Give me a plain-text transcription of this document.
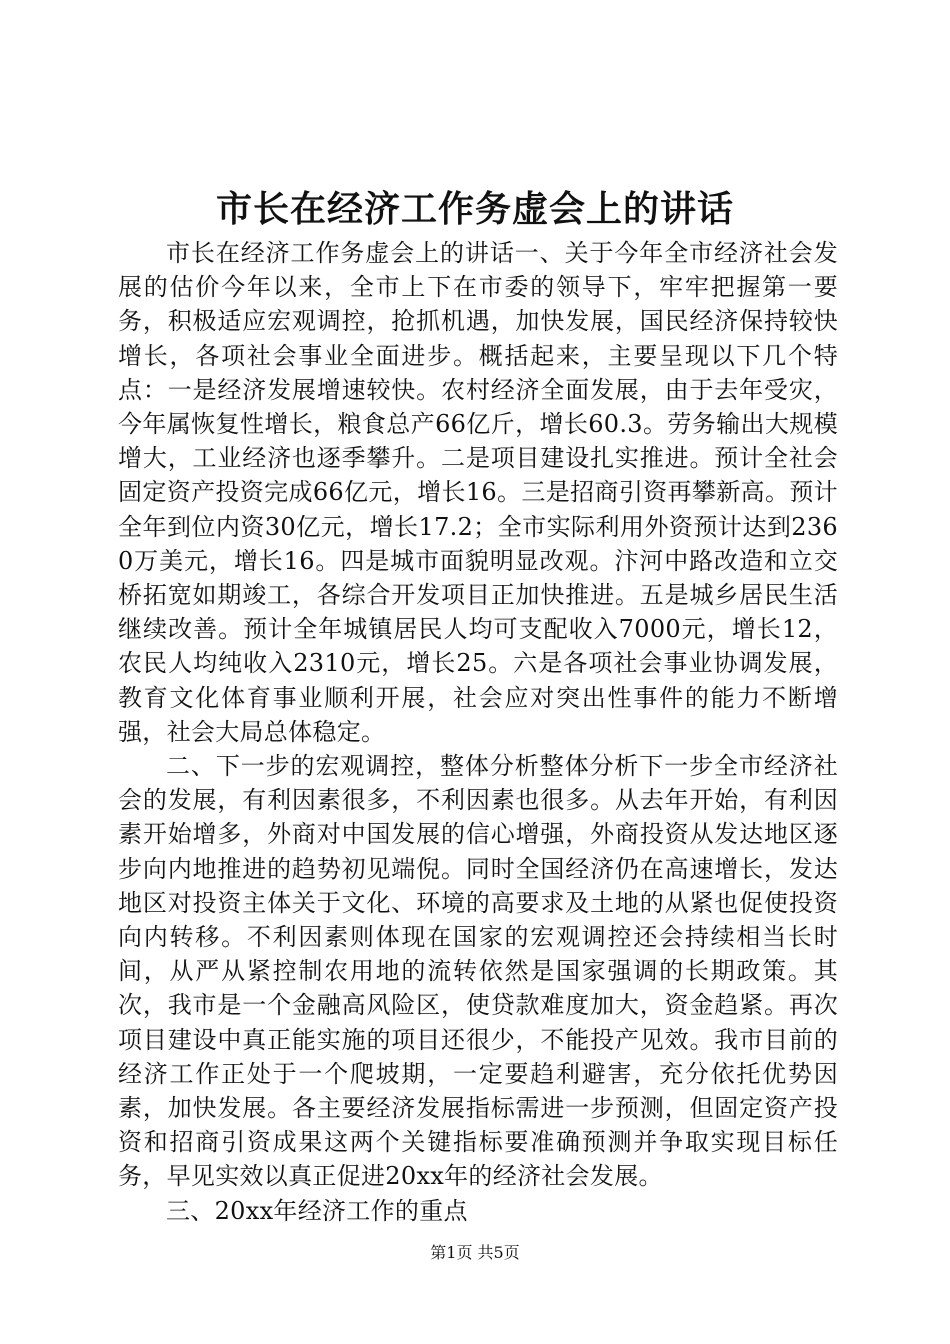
市长在经济工作务虚会上的讲话

市长在经济工作务虚会上的讲话一、关于今年全市经济社会发展的估价今年以来，全市上下在市委的领导下，牢牢把握第一要务，积极适应宏观调控，抢抓机遇，加快发展，国民经济保持较快增长，各项社会事业全面进步。概括起来，主要呈现以下几个特点：一是经济发展增速较快。农村经济全面发展，由于去年受灾，今年属恢复性增长，粮食总产66亿斤，增长60.3。劳务输出大规模增大，工业经济也逐季攀升。二是项目建设扎实推进。预计全社会固定资产投资完成66亿元，增长16。三是招商引资再攀新高。预计全年到位内资30亿元，增长17.2；全市实际利用外资预计达到2360万美元，增长16。四是城市面貌明显改观。汴河中路改造和立交桥拓宽如期竣工，各综合开发项目正加快推进。五是城乡居民生活继续改善。预计全年城镇居民人均可支配收入7000元，增长12，农民人均纯收入2310元，增长25。六是各项社会事业协调发展，教育文化体育事业顺利开展，社会应对突出性事件的能力不断增强，社会大局总体稳定。

二、下一步的宏观调控，整体分析整体分析下一步全市经济社会的发展，有利因素很多，不利因素也很多。从去年开始，有利因素开始增多，外商对中国发展的信心增强，外商投资从发达地区逐步向内地推进的趋势初见端倪。同时全国经济仍在高速增长，发达地区对投资主体关于文化、环境的高要求及土地的从紧也促使投资向内转移。不利因素则体现在国家的宏观调控还会持续相当长时间，从严从紧控制农用地的流转依然是国家强调的长期政策。其次，我市是一个金融高风险区，使贷款难度加大，资金趋紧。再次项目建设中真正能实施的项目还很少，不能投产见效。我市目前的经济工作正处于一个爬坡期，一定要趋利避害，充分依托优势因素，加快发展。各主要经济发展指标需进一步预测，但固定资产投资和招商引资成果这两个关键指标要准确预测并争取实现目标任务，早见实效以真正促进20xx年的经济社会发展。

三、20xx年经济工作的重点

第1页 共5页
